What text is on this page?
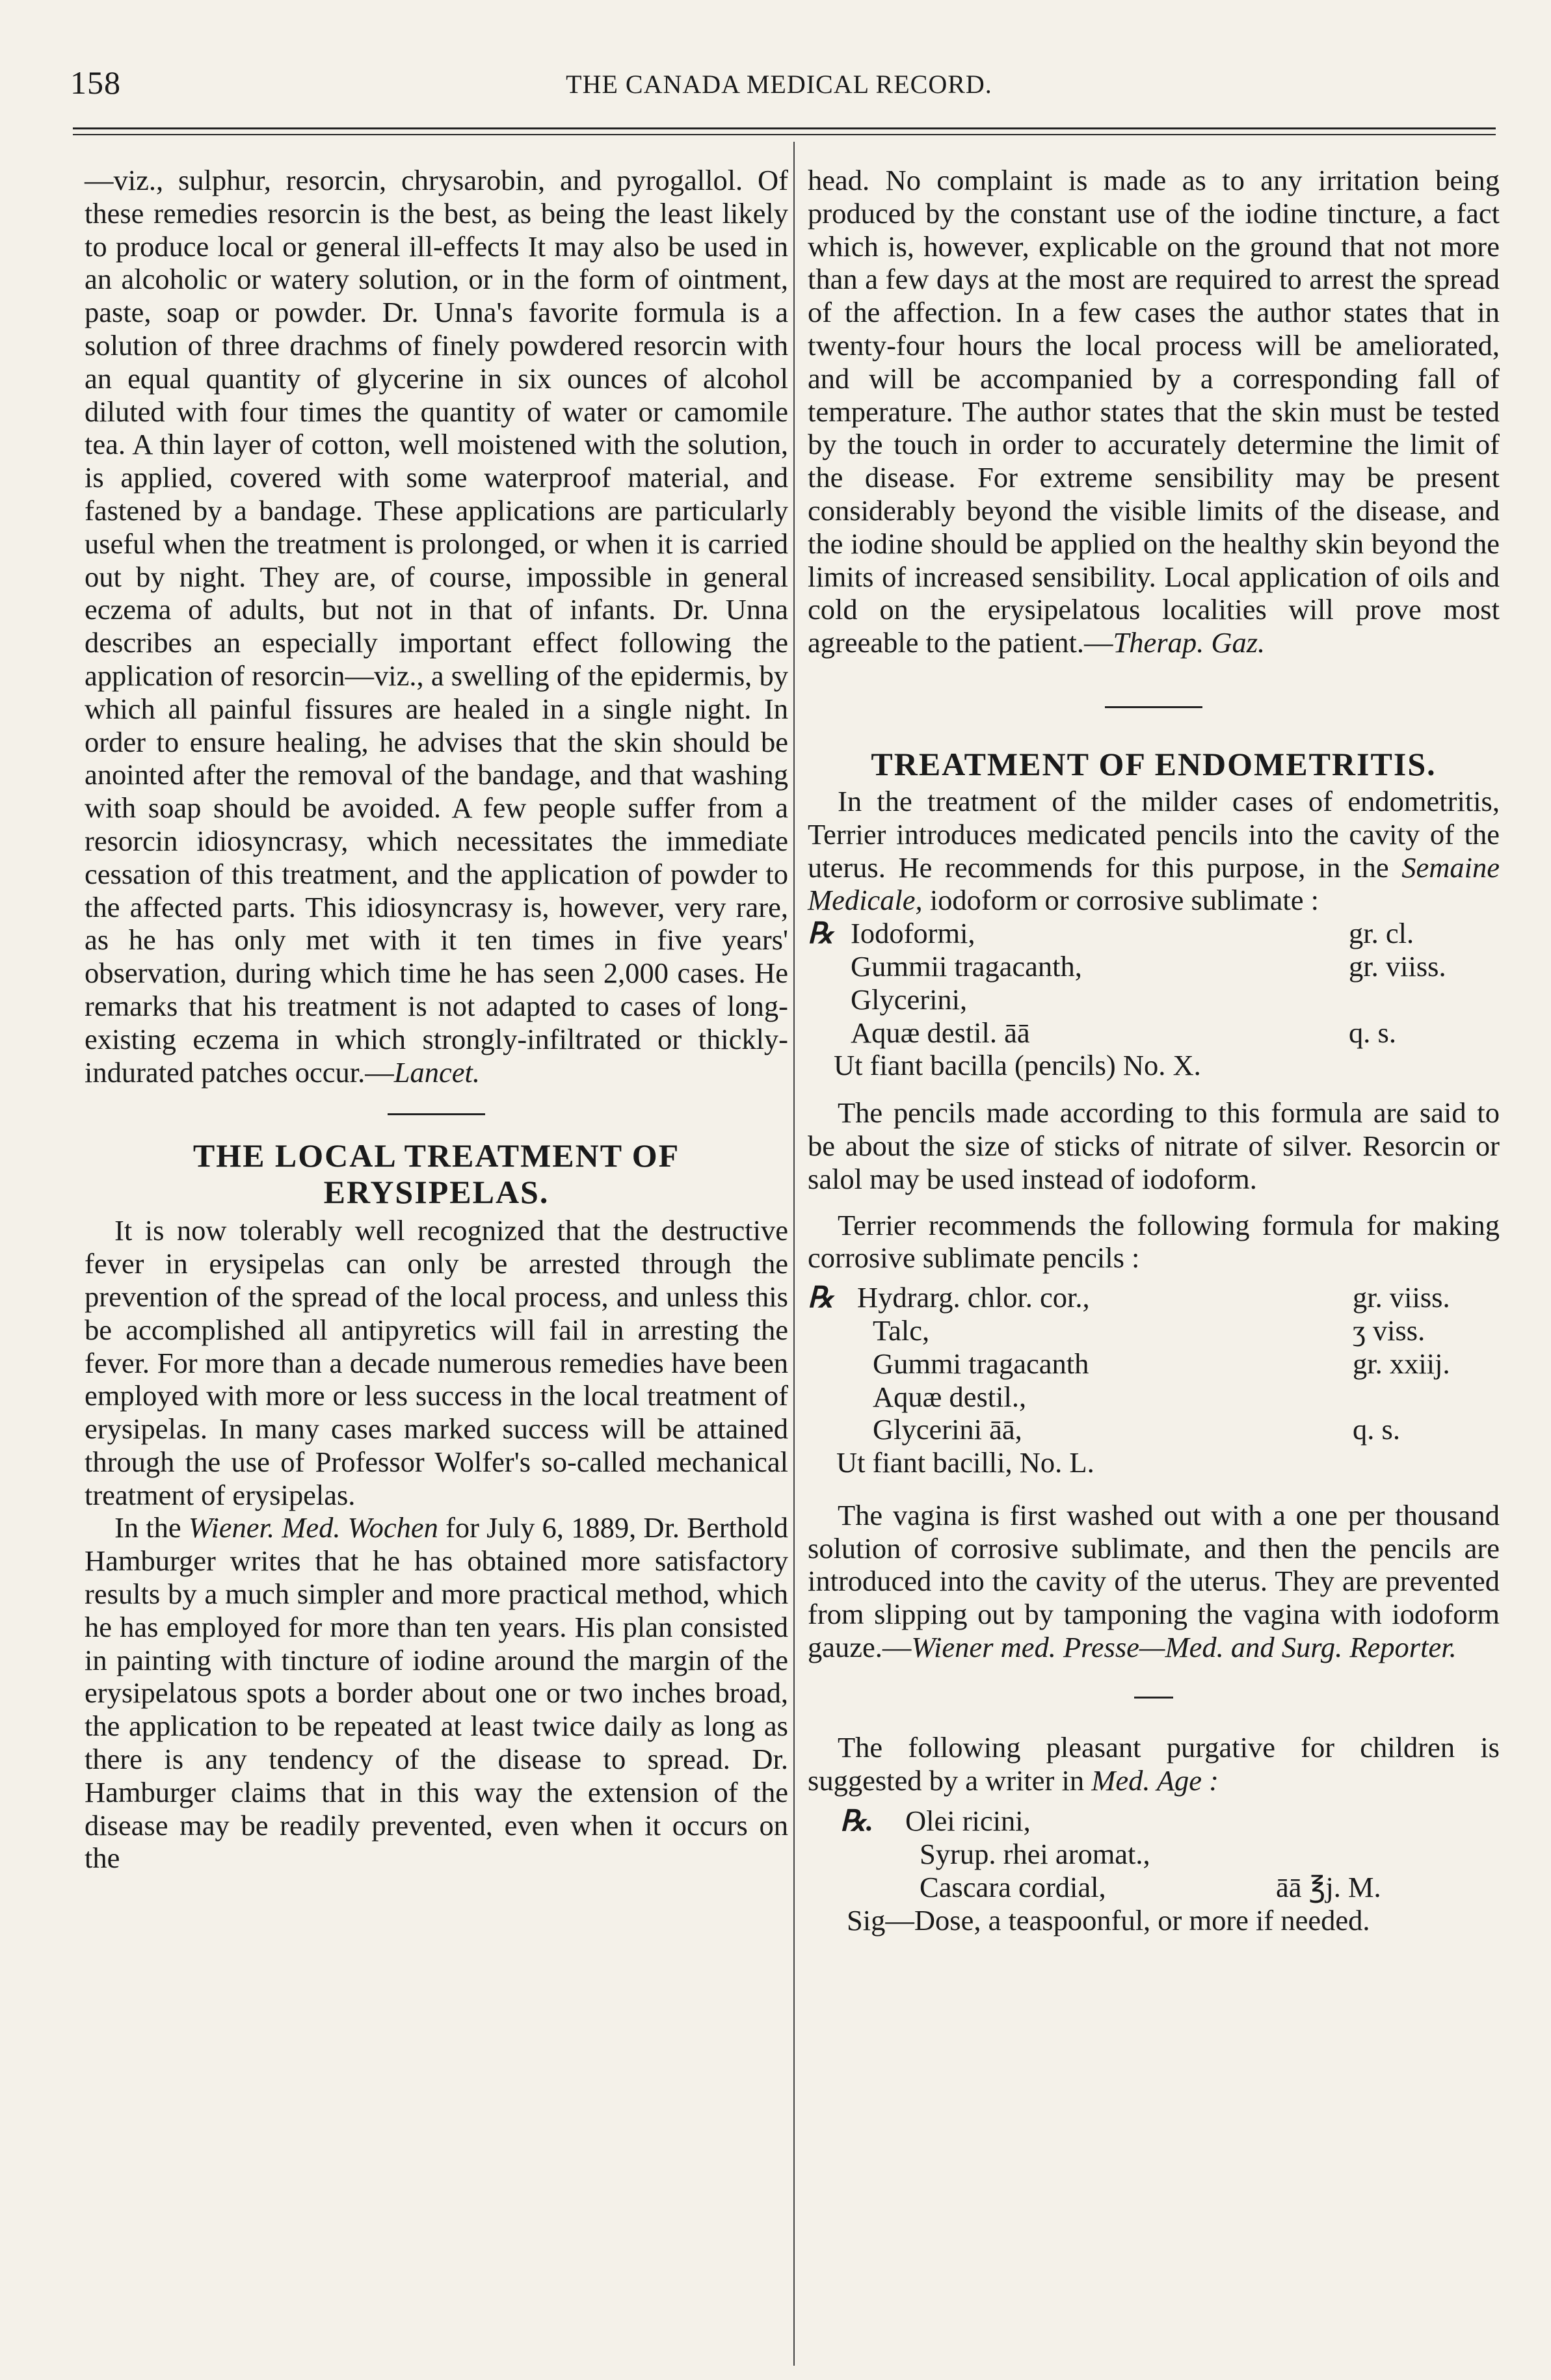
158	THE CANADA MEDICAL RECORD.

—viz., sulphur, resorcin, chrysarobin, and pyrogallol. Of these remedies resorcin is the best, as being the least likely to produce local or general ill-effects It may also be used in an alcoholic or watery solution, or in the form of ointment, paste, soap or powder. Dr. Unna's favorite formula is a solution of three drachms of finely powdered resorcin with an equal quantity of glycerine in six ounces of alcohol diluted with four times the quantity of water or camomile tea. A thin layer of cotton, well moistened with the solution, is applied, covered with some waterproof material, and fastened by a bandage. These applications are particularly useful when the treatment is prolonged, or when it is carried out by night. They are, of course, impossible in general eczema of adults, but not in that of infants. Dr. Unna describes an especially important effect following the application of resorcin—viz., a swelling of the epidermis, by which all painful fissures are healed in a single night. In order to ensure healing, he advises that the skin should be anointed after the removal of the bandage, and that washing with soap should be avoided. A few people suffer from a resorcin idiosyncrasy, which necessitates the immediate cessation of this treatment, and the application of powder to the affected parts. This idiosyncrasy is, however, very rare, as he has only met with it ten times in five years' observation, during which time he has seen 2,000 cases. He remarks that his treatment is not adapted to cases of long-existing eczema in which strongly-infiltrated or thickly-indurated patches occur.—Lancet.

THE LOCAL TREATMENT OF ERYSIPELAS.

It is now tolerably well recognized that the destructive fever in erysipelas can only be arrested through the prevention of the spread of the local process, and unless this be accomplished all antipyretics will fail in arresting the fever. For more than a decade numerous remedies have been employed with more or less success in the local treatment of erysipelas. In many cases marked success will be attained through the use of Professor Wolfer's so-called mechanical treatment of erysipelas.

In the Wiener. Med. Wochen for July 6, 1889, Dr. Berthold Hamburger writes that he has obtained more satisfactory results by a much simpler and more practical method, which he has employed for more than ten years. His plan consisted in painting with tincture of iodine around the margin of the erysipelatous spots a border about one or two inches broad, the application to be repeated at least twice daily as long as there is any tendency of the disease to spread. Dr. Hamburger claims that in this way the extension of the disease may be readily prevented, even when it occurs on the

head. No complaint is made as to any irritation being produced by the constant use of the iodine tincture, a fact which is, however, explicable on the ground that not more than a few days at the most are required to arrest the spread of the affection. In a few cases the author states that in twenty-four hours the local process will be ameliorated, and will be accompanied by a corresponding fall of temperature. The author states that the skin must be tested by the touch in order to accurately determine the limit of the disease. For extreme sensibility may be present considerably beyond the visible limits of the disease, and the iodine should be applied on the healthy skin beyond the limits of increased sensibility. Local application of oils and cold on the erysipelatous localities will prove most agreeable to the patient.—Therap. Gaz.

TREATMENT OF ENDOMETRITIS.

In the treatment of the milder cases of endometritis, Terrier introduces medicated pencils into the cavity of the uterus. He recommends for this purpose, in the Semaine Medicale, iodoform or corrosive sublimate :

℞ Iodoformi,	gr. cl.
Gummii tragacanth,	gr. viiss.
Glycerini,
Aquæ destil. āā	q. s.
Ut fiant bacilla (pencils) No. X.

The pencils made according to this formula are said to be about the size of sticks of nitrate of silver. Resorcin or salol may be used instead of iodoform.

Terrier recommends the following formula for making corrosive sublimate pencils :

℞ Hydrarg. chlor. cor.,	gr. viiss.
Talc,	ʒ viss.
Gummi tragacanth	gr. xxiij.
Aquæ destil.,
Glycerini āā,	q. s.
Ut fiant bacilli, No. L.

The vagina is first washed out with a one per thousand solution of corrosive sublimate, and then the pencils are introduced into the cavity of the uterus. They are prevented from slipping out by tamponing the vagina with iodoform gauze.—Wiener med. Presse—Med. and Surg. Reporter.

The following pleasant purgative for children is suggested by a writer in Med. Age :

℞. Olei ricini,
Syrup. rhei aromat.,
Cascara cordial,	āā ℥j. M.
Sig—Dose, a teaspoonful, or more if needed.
